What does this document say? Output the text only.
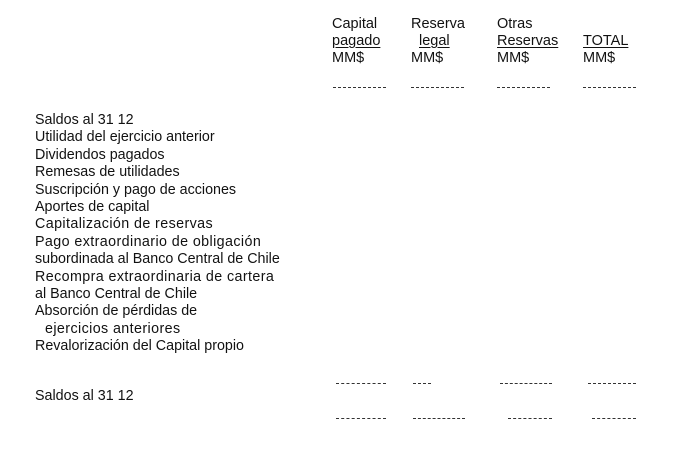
Capital
pagado
MM$
Reserva
legal
MM$
Otras
Reservas
MM$

TOTAL
MM$
Saldos al 31 12
Utilidad del ejercicio anterior
Dividendos pagados
Remesas de utilidades
Suscripción y pago de acciones
Aportes de capital
Capitalización de reservas
Pago extraordinario de obligación
subordinada al Banco Central de Chile
Recompra extraordinaria de cartera
al Banco Central de Chile
Absorción de pérdidas de
ejercicios anteriores
Revalorización del Capital propio
Saldos al 31 12
